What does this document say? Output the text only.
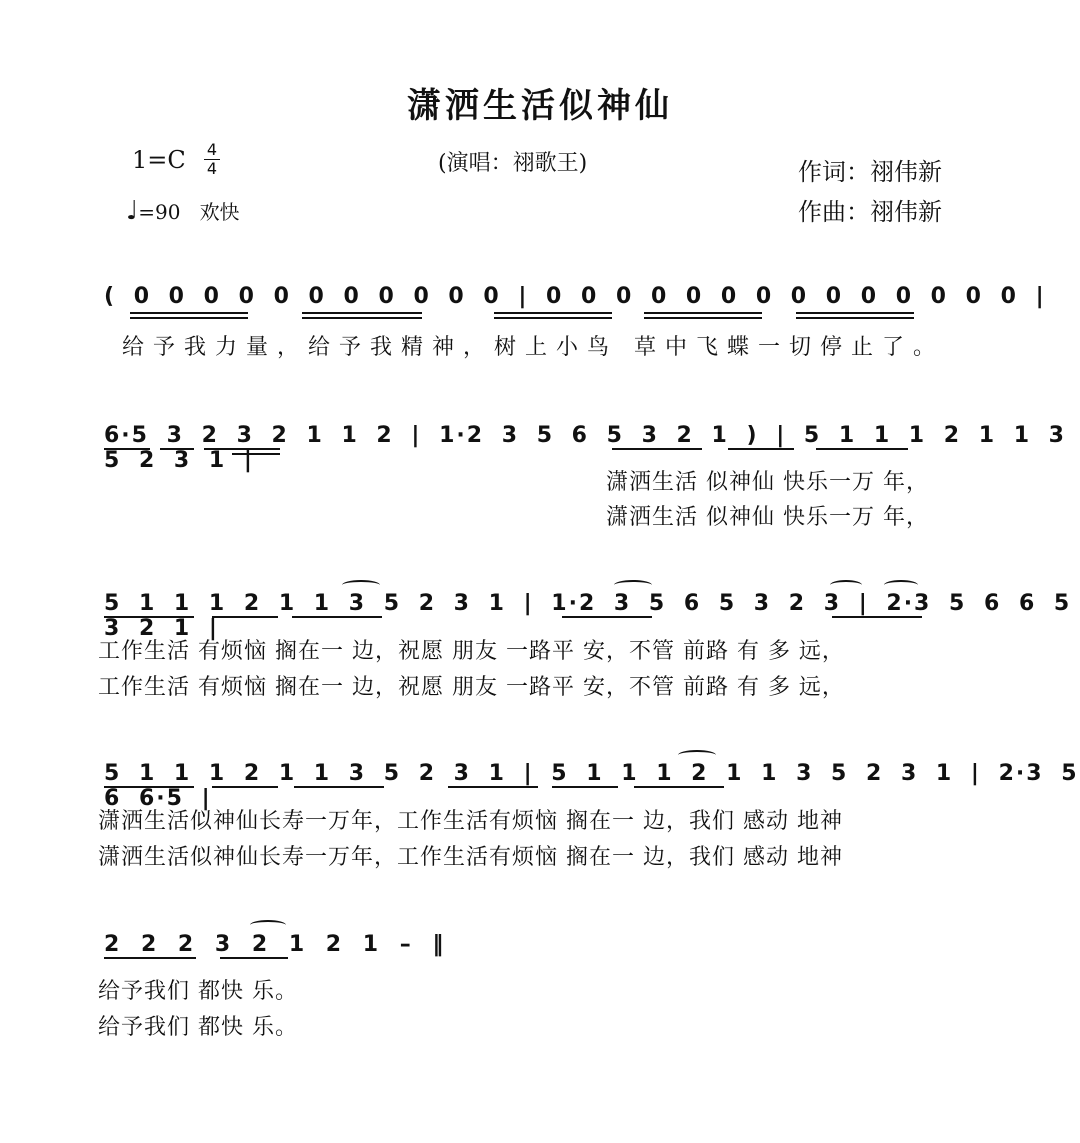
潇洒生活似神仙
1=C 4
4
♩=90 欢快
(演唱：祤歌王)	作词：祤伟新
作曲：祤伟新
( 0 0 0 0 0 0 0 0 0 0 0 | 0 0 0 0 0 0 0 0 0 0 0 0 0 0 |
给予我力量，给予我精神，树上小鸟 草中飞蝶一切停止了。
6·5 3 2 3 2 1 1 2 | 1·2 3 5 6 5 3 2 1 ) | 5 1 1 1 2 1 1 3 5 2 3 1 |
潇洒生活 似神仙 快乐一万 年，
潇洒生活 似神仙 快乐一万 年，
5 1 1 1 2 1 1 3 5 2 3 1 | 1·2 3 5 6 5 3 2 3 | 2·3 5 6 6 5 3 2 1 |
工作生活 有烦恼 搁在一 边，祝愿 朋友 一路平 安，不管 前路 有 多 远，
工作生活 有烦恼 搁在一 边，祝愿 朋友 一路平 安，不管 前路 有 多 远，
5 1 1 1 2 1 1 3 5 2 3 1 | 5 1 1 1 2 1 1 3 5 2 3 1 | 2·3 5 6 6·5 |
潇洒生活似神仙长寿一万年，工作生活有烦恼 搁在一 边，我们 感动 地神
潇洒生活似神仙长寿一万年，工作生活有烦恼 搁在一 边，我们 感动 地神
2 2 2 3 2 1 2 1 – ‖
给予我们 都快 乐。
给予我们 都快 乐。
